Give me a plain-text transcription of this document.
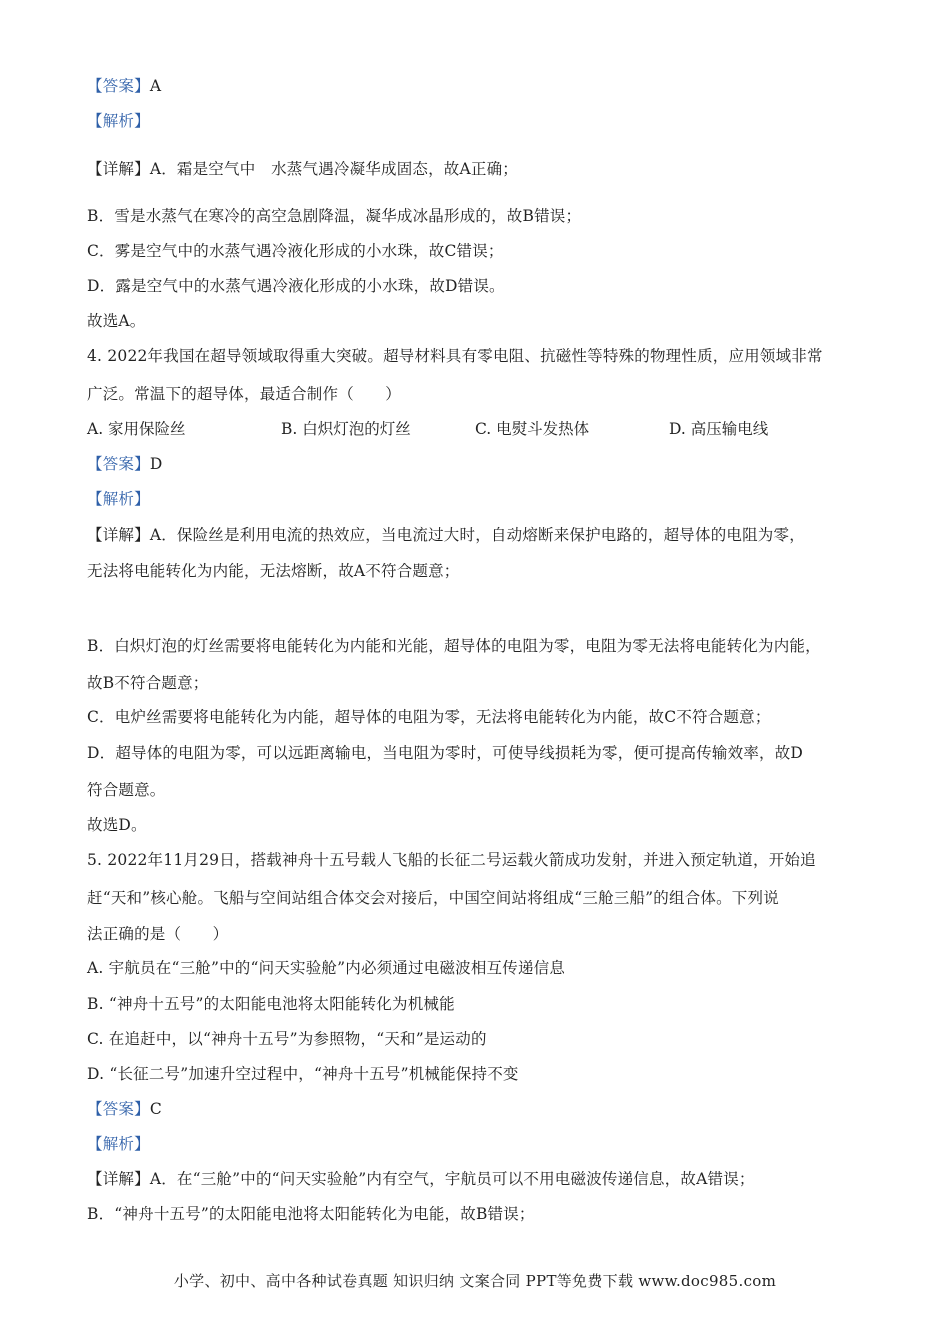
【答案】A
【解析】
【详解】A．霜是空气中　水蒸气遇冷凝华成固态，故A正确；
B．雪是水蒸气在寒冷的高空急剧降温，凝华成冰晶形成的，故B错误；
C．雾是空气中的水蒸气遇冷液化形成的小水珠，故C错误；
D．露是空气中的水蒸气遇冷液化形成的小水珠，故D错误。
故选A。
4. 2022年我国在超导领域取得重大突破。超导材料具有零电阻、抗磁性等特殊的物理性质，应用领域非常
广泛。常温下的超导体，最适合制作（　　）
A. 家用保险丝	B. 白炽灯泡的灯丝	C. 电熨斗发热体	D. 高压输电线
【答案】D
【解析】
【详解】A．保险丝是利用电流的热效应，当电流过大时，自动熔断来保护电路的，超导体的电阻为零，
无法将电能转化为内能，无法熔断，故A不符合题意；
B．白炽灯泡的灯丝需要将电能转化为内能和光能，超导体的电阻为零，电阻为零无法将电能转化为内能，
故B不符合题意；
C．电炉丝需要将电能转化为内能，超导体的电阻为零，无法将电能转化为内能，故C不符合题意；
D．超导体的电阻为零，可以远距离输电，当电阻为零时，可使导线损耗为零，便可提高传输效率，故D
符合题意。
故选D。
5. 2022年11月29日，搭载神舟十五号载人飞船的长征二号运载火箭成功发射，并进入预定轨道，开始追
赶“天和”核心舱。飞船与空间站组合体交会对接后，中国空间站将组成“三舱三船”的组合体。下列说
法正确的是（　　）
A. 宇航员在“三舱”中的“问天实验舱”内必须通过电磁波相互传递信息
B. “神舟十五号”的太阳能电池将太阳能转化为机械能
C. 在追赶中，以“神舟十五号”为参照物，“天和”是运动的
D. “长征二号”加速升空过程中，“神舟十五号”机械能保持不变
【答案】C
【解析】
【详解】A．在“三舱”中的“问天实验舱”内有空气，宇航员可以不用电磁波传递信息，故A错误；
B．“神舟十五号”的太阳能电池将太阳能转化为电能，故B错误；
小学、初中、高中各种试卷真题 知识归纳 文案合同 PPT等免费下载 www.doc985.com
